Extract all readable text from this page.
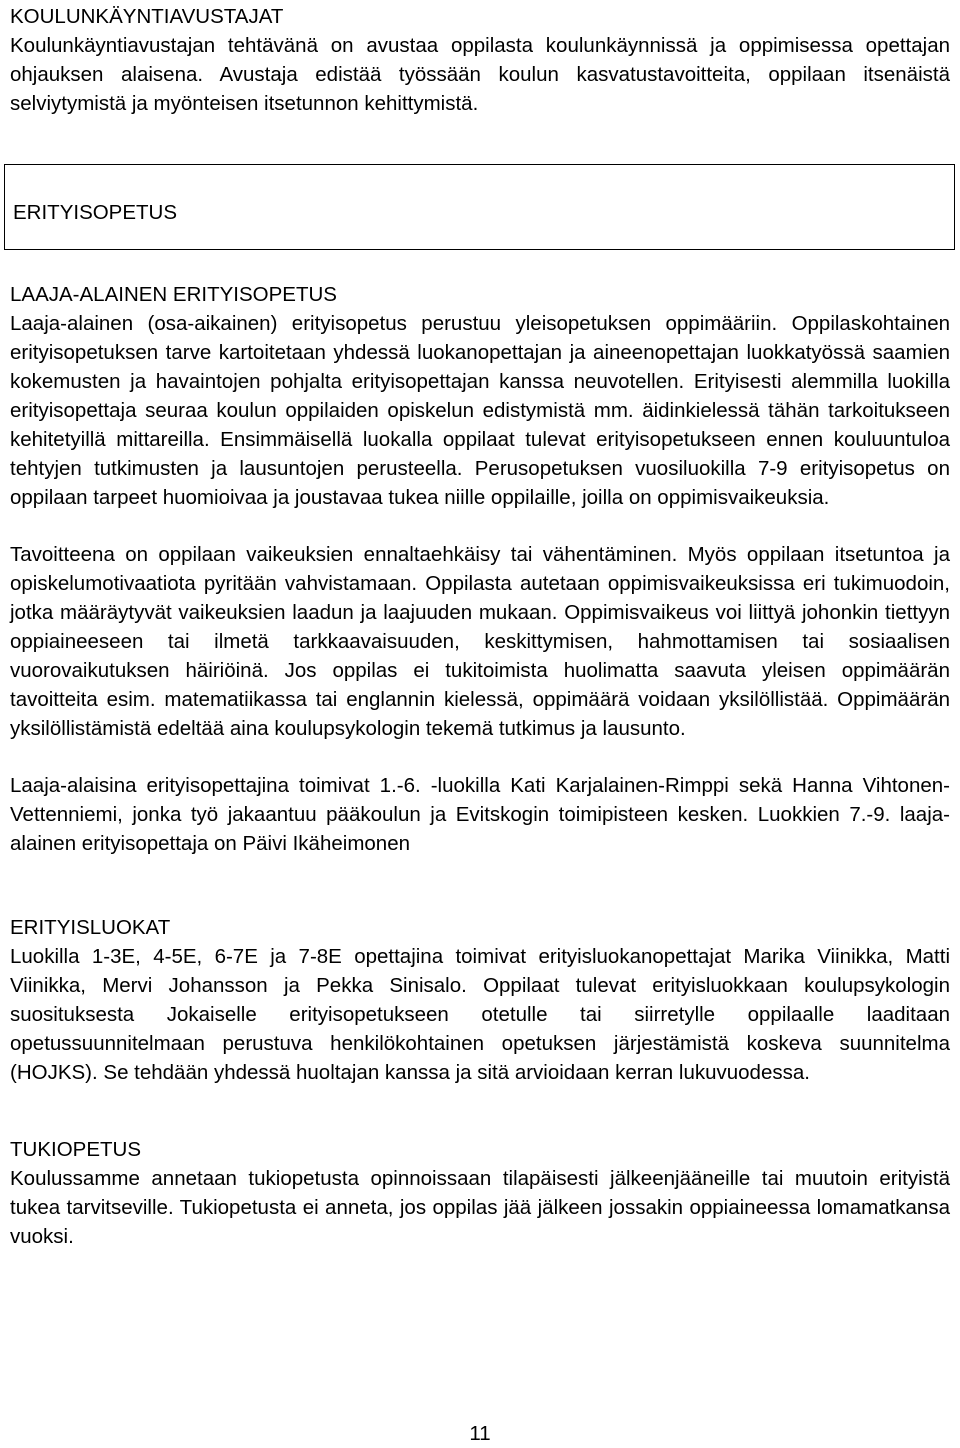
KOULUNKÄYNTIAVUSTAJAT

Koulunkäyntiavustajan tehtävänä on avustaa oppilasta koulunkäynnissä ja oppimisessa opettajan ohjauksen alaisena. Avustaja edistää työssään koulun kasvatustavoitteita, oppilaan itsenäistä selviytymistä ja myönteisen itsetunnon kehittymistä.

LAAJA-ALAINEN ERITYISOPETUS

Laaja-alainen (osa-aikainen) erityisopetus perustuu yleisopetuksen oppimääriin. Oppilaskohtainen erityisopetuksen tarve kartoitetaan yhdessä luokanopettajan ja aineenopettajan luokkatyössä saamien kokemusten ja havaintojen pohjalta erityisopettajan kanssa neuvotellen. Erityisesti alemmilla luokilla erityisopettaja seuraa koulun oppilaiden opiskelun edistymistä mm. äidinkielessä tähän tarkoitukseen kehitetyillä mittareilla. Ensimmäisellä luokalla oppilaat tulevat erityisopetukseen ennen kouluuntuloa tehtyjen tutkimusten ja lausuntojen perusteella. Perusopetuksen vuosiluokilla 7-9 erityisopetus on oppilaan tarpeet huomioivaa ja joustavaa tukea niille oppilaille, joilla on oppimisvaikeuksia.

Tavoitteena on oppilaan vaikeuksien ennaltaehkäisy tai vähentäminen. Myös oppilaan itsetuntoa ja opiskelumotivaatiota pyritään vahvistamaan. Oppilasta autetaan oppimisvaikeuksissa eri tukimuodoin, jotka määräytyvät vaikeuksien laadun ja laajuuden mukaan. Oppimisvaikeus voi liittyä johonkin tiettyyn oppiaineeseen tai ilmetä tarkkaavaisuuden, keskittymisen, hahmottamisen tai sosiaalisen vuorovaikutuksen häiriöinä. Jos oppilas ei tukitoimista huolimatta saavuta yleisen oppimäärän tavoitteita esim. matematiikassa tai englannin kielessä, oppimäärä voidaan yksilöllistää. Oppimäärän yksilöllistämistä edeltää aina koulupsykologin tekemä tutkimus ja lausunto.

Laaja-alaisina erityisopettajina toimivat 1.-6. -luokilla Kati Karjalainen-Rimppi sekä Hanna Vihtonen-Vettenniemi, jonka työ jakaantuu pääkoulun ja Evitskogin toimipisteen kesken. Luokkien 7.-9. laaja-alainen erityisopettaja on Päivi Ikäheimonen

ERITYISLUOKAT

Luokilla 1-3E, 4-5E, 6-7E ja 7-8E opettajina toimivat erityisluokanopettajat Marika Viinikka, Matti Viinikka, Mervi Johansson ja Pekka Sinisalo. Oppilaat tulevat erityisluokkaan koulupsykologin suosituksesta Jokaiselle erityisopetukseen otetulle tai siirretylle oppilaalle laaditaan opetussuunnitelmaan perustuva henkilökohtainen opetuksen järjestämistä koskeva suunnitelma (HOJKS). Se tehdään yhdessä huoltajan kanssa ja sitä arvioidaan kerran lukuvuodessa.

TUKIOPETUS

Koulussamme annetaan tukiopetusta opinnoissaan tilapäisesti jälkeenjääneille tai muutoin erityistä tukea tarvitseville. Tukiopetusta ei anneta, jos oppilas jää jälkeen jossakin oppiaineessa lomamatkansa vuoksi.

ERITYISOPETUS
11
